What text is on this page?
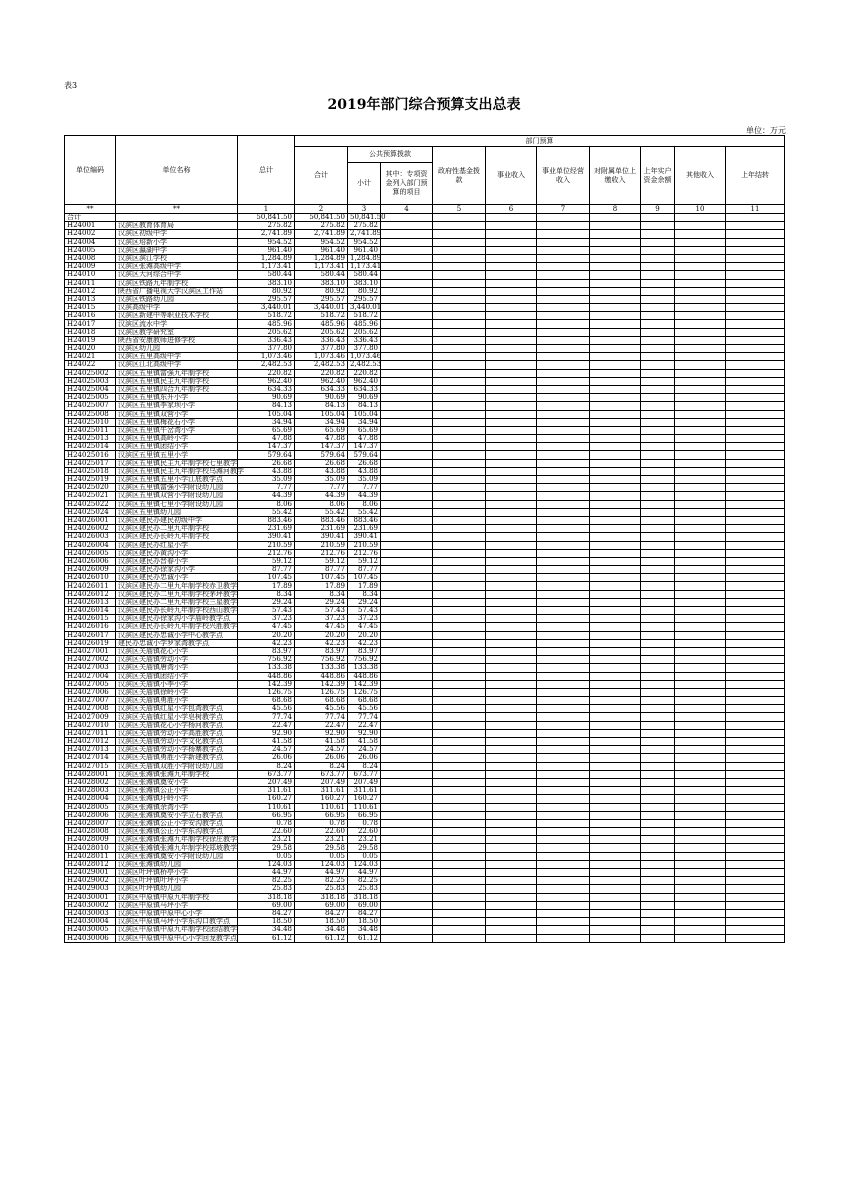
表3
2019年部门综合预算支出总表
单位：万元
单位编码	单位名称	总计	部门预算									
			合计	公共预算拨款		政府性基金拨款	事业收入	事业单位经营收入	对附属单位上缴收入	上年实户资金余额	其他收入	上年结转
				小计	其中：专项资金列入部门预算的项目							

**	**	1	2	3	4	5	6	7	8	9	10	11
合计		50,841.50	50,841.50	50,841.50								
H24001	汉滨区教育体育局	275.82	275.82	275.82								
H24002	汉滨区初级中学	2,741.89	2,741.89	2,741.89								
H24004	汉滨区培新小学	954.52	954.52	954.52								
H24005	汉滨区瀛湖中学	961.40	961.40	961.40								
H24008	汉滨区滨江学校	1,284.89	1,284.89	1,284.89								
H24009	汉滨区张滩高级中学	1,173.41	1,173.41	1,173.41								
H24010	汉滨区大河综合中学	580.44	580.44	580.44								
H24011	汉滨区铁路九年制学校	383.10	383.10	383.10								
H24012	陕西省广播电视大学汉滨区工作站	80.92	80.92	80.92								
H24013	汉滨区铁路幼儿园	295.57	295.57	295.57								
H24015	汉滨高级中学	3,440.01	3,440.01	3,440.01								
H24016	汉滨区新建中等职业技术学校	518.72	518.72	518.72								
H24017	汉滨区流水中学	485.96	485.96	485.96								
H24018	汉滨区教学研究室	205.62	205.62	205.62								
H24019	陕西省安康教师进修学校	336.43	336.43	336.43								
H24020	汉滨区幼儿园	377.80	377.80	377.80								
H24021	汉滨区五里高级中学	1,073.46	1,073.46	1,073.46								
H24022	汉滨区江北高级中学	2,482.53	2,482.53	2,482.53								
H24025002	汉滨区五里镇富强九年制学校	220.82	220.82	220.82								
H24025003	汉滨区五里镇民主九年制学校	962.40	962.40	962.40								
H24025004	汉滨区五里镇四合九年制学校	634.33	634.33	634.33								
H24025005	汉滨区五里镇东升小学	90.69	90.69	90.69								
H24025007	汉滨区五里镇李家坝小学	84.13	84.13	84.13								
H24025008	汉滨区五里镇双营小学	105.04	105.04	105.04								
H24025010	汉滨区五里镇梅花石小学	34.94	34.94	34.94								
H24025011	汉滨区五里镇牛岔湾小学	65.69	65.69	65.69								
H24025013	汉滨区五里镇高岭小学	47.88	47.88	47.88								
H24025014	汉滨区五里镇团结小学	147.37	147.37	147.37								
H24025016	汉滨区五里镇五里小学	579.64	579.64	579.64								
H24025017	汉滨区五里镇民主九年制学校七里教学	26.68	26.68	26.68								
H24025018	汉滨区五里镇民主九年制学校乌滩河教学	43.88	43.88	43.88								
H24025019	汉滨区五里镇五里小学江底教学点	35.09	35.09	35.09								
H24025020	汉滨区五里镇富强小学附设幼儿园	7.77	7.77	7.77								
H24025021	汉滨区五里镇双营小学附设幼儿园	44.39	44.39	44.39								
H24025022	汉滨区五里镇七里小学附设幼儿园	8.06	8.06	8.06								
H24025024	汉滨区五里镇幼儿园	55.42	55.42	55.42								
H24026001	汉滨区建民办建民初级中学	883.46	883.46	883.46								
H24026002	汉滨区建民办二里九年制学校	231.69	231.69	231.69								
H24026003	汉滨区建民办长岭九年制学校	390.41	390.41	390.41								
H24026004	汉滨区建民办红星小学	210.59	210.59	210.59								
H24026005	汉滨区建民办黄沟小学	212.76	212.76	212.76								
H24026006	汉滨区建民办晋春小学	59.12	59.12	59.12								
H24026009	汉滨区建民办徐家沟小学	87.77	87.77	87.77								
H24026010	汉滨区建民办忠诚小学	107.45	107.45	107.45								
H24026011	汉滨区建民办二里九年制学校赤卫教学	17.89	17.89	17.89								
H24026012	汉滨区建民办二里九年制学校茅坪教学	8.34	8.34	8.34								
H24026013	汉滨区建民办二里九年制学校三星教学	29.24	29.24	29.24								
H24026014	汉滨区建民办长岭九年制学校西山教学	57.43	57.43	57.43								
H24026015	汉滨区建民办徐家沟小学庙岭教学点	37.23	37.23	37.23								
H24026016	汉滨区建民办长岭九年制学校兴胜教学	47.45	47.45	47.45								
H24026017	汉滨区建民办忠诚小学中心教学点	20.20	20.20	20.20								
H24026019	建民办忠诚小学罗家湾教学点	42.23	42.23	42.23								
H24027001	汉滨区关庙镇花心小学	83.97	83.97	83.97								
H24027002	汉滨区关庙镇劳动小学	756.92	756.92	756.92								
H24027003	汉滨区关庙镇唐湾小学	133.38	133.38	133.38								
H24027004	汉滨区关庙镇团结小学	448.86	448.86	448.86								
H24027005	汉滨区关庙镇小李小学	142.39	142.39	142.39								
H24027006	汉滨区关庙镇徐岭小学	126.75	126.75	126.75								
H24027007	汉滨区关庙镇勇胜小学	68.68	68.68	68.68								
H24027008	汉滨区关庙镇红星小学包湾教学点	45.56	45.56	45.56								
H24027009	汉滨区关庙镇红星小学皂树教学点	77.74	77.74	77.74								
H24027010	汉滨区关庙镇花心小学杨河教学点	22.47	22.47	22.47								
H24027011	汉滨区关庙镇劳动小学高胜教学点	92.90	92.90	92.90								
H24027012	汉滨区关庙镇劳动小学文化教学点	41.58	41.58	41.58								
H24027013	汉滨区关庙镇劳动小学杨寨教学点	24.57	24.57	24.57								
H24027014	汉滨区关庙镇勇胜小学新建教学点	26.06	26.06	26.06								
H24027015	汉滨区关庙镇双胜小学附设幼儿园	8.24	8.24	8.24								
H24028001	汉滨区张滩镇张滩九年制学校	673.77	673.77	673.77								
H24028002	汉滨区张滩镇奠安小学	207.49	207.49	207.49								
H24028003	汉滨区张滩镇公正小学	311.61	311.61	311.61								
H24028004	汉滨区张滩镇圩岭小学	160.27	160.27	160.27								
H24028005	汉滨区张滩镇余湾小学	110.61	110.61	110.61								
H24028006	汉滨区张滩镇奠安小学立石教学点	66.95	66.95	66.95								
H24028007	汉滨区张滩镇公正小学安沟教学点	0.78	0.78	0.78								
H24028008	汉滨区张滩镇公正小学东沟教学点	22.60	22.60	22.60								
H24028009	汉滨区张滩镇张滩九年制学校徐庄教学	23.21	23.21	23.21								
H24028010	汉滨区张滩镇张滩九年制学校郑坡教学	29.58	29.58	29.58								
H24028011	汉滨区张滩镇奠安小学附设幼儿园	0.05	0.05	0.05								
H24028012	汉滨区张滩镇幼儿园	124.03	124.03	124.03								
H24029001	汉滨区叶坪镇桥亭小学	44.97	44.97	44.97								
H24029002	汉滨区叶坪镇叶坪小学	82.25	82.25	82.25								
H24029003	汉滨区叶坪镇幼儿园	25.83	25.83	25.83								
H24030001	汉滨区中原镇中原九年制学校	318.18	318.18	318.18								
H24030002	汉滨区中原镇马坪小学	69.00	69.00	69.00								
H24030003	汉滨区中原镇中原中心小学	84.27	84.27	84.27								
H24030004	汉滨区中原镇马坪小学东沟口教学点	18.50	18.50	18.50								
H24030005	汉滨区中原镇中原九年制学校团结教学	34.48	34.48	34.48								
H24030006	汉滨区中原镇中原中心小学回龙教学点	61.12	61.12	61.12								
